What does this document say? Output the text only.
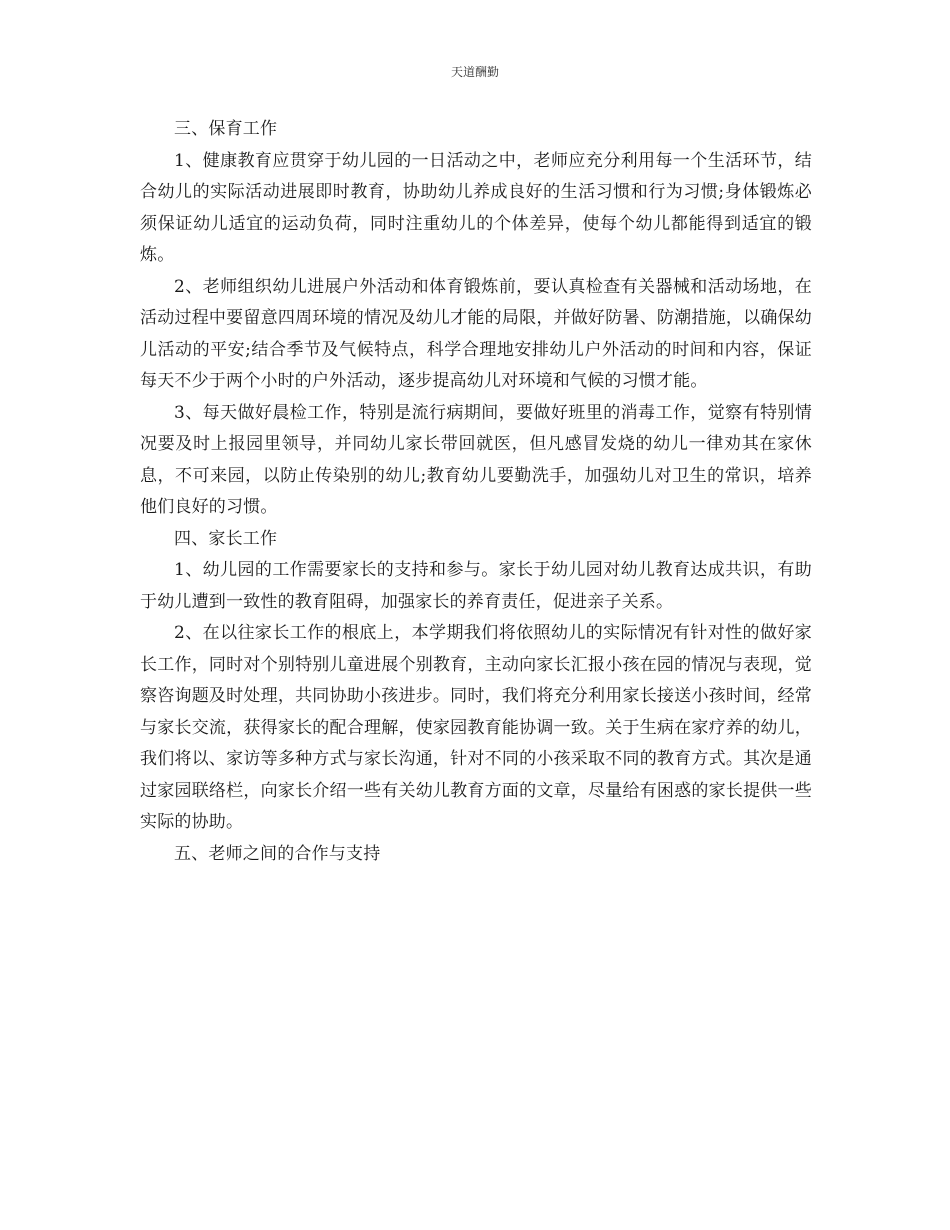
天道酬勤

三、保育工作

1、健康教育应贯穿于幼儿园的一日活动之中，老师应充分利用每一个生活环节，结合幼儿的实际活动进展即时教育，协助幼儿养成良好的生活习惯和行为习惯;身体锻炼必须保证幼儿适宜的运动负荷，同时注重幼儿的个体差异，使每个幼儿都能得到适宜的锻炼。

2、老师组织幼儿进展户外活动和体育锻炼前，要认真检查有关器械和活动场地，在活动过程中要留意四周环境的情况及幼儿才能的局限，并做好防暑、防潮措施，以确保幼儿活动的平安;结合季节及气候特点，科学合理地安排幼儿户外活动的时间和内容，保证每天不少于两个小时的户外活动，逐步提高幼儿对环境和气候的习惯才能。

3、每天做好晨检工作，特别是流行病期间，要做好班里的消毒工作，觉察有特别情况要及时上报园里领导，并同幼儿家长带回就医，但凡感冒发烧的幼儿一律劝其在家休息，不可来园，以防止传染别的幼儿;教育幼儿要勤洗手，加强幼儿对卫生的常识，培养他们良好的习惯。

四、家长工作

1、幼儿园的工作需要家长的支持和参与。家长于幼儿园对幼儿教育达成共识，有助于幼儿遭到一致性的教育阻碍，加强家长的养育责任，促进亲子关系。

2、在以往家长工作的根底上，本学期我们将依照幼儿的实际情况有针对性的做好家长工作，同时对个别特别儿童进展个别教育，主动向家长汇报小孩在园的情况与表现，觉察咨询题及时处理，共同协助小孩进步。同时，我们将充分利用家长接送小孩时间，经常与家长交流，获得家长的配合理解，使家园教育能协调一致。关于生病在家疗养的幼儿，我们将以、家访等多种方式与家长沟通，针对不同的小孩采取不同的教育方式。其次是通过家园联络栏，向家长介绍一些有关幼儿教育方面的文章，尽量给有困惑的家长提供一些实际的协助。

五、老师之间的合作与支持
